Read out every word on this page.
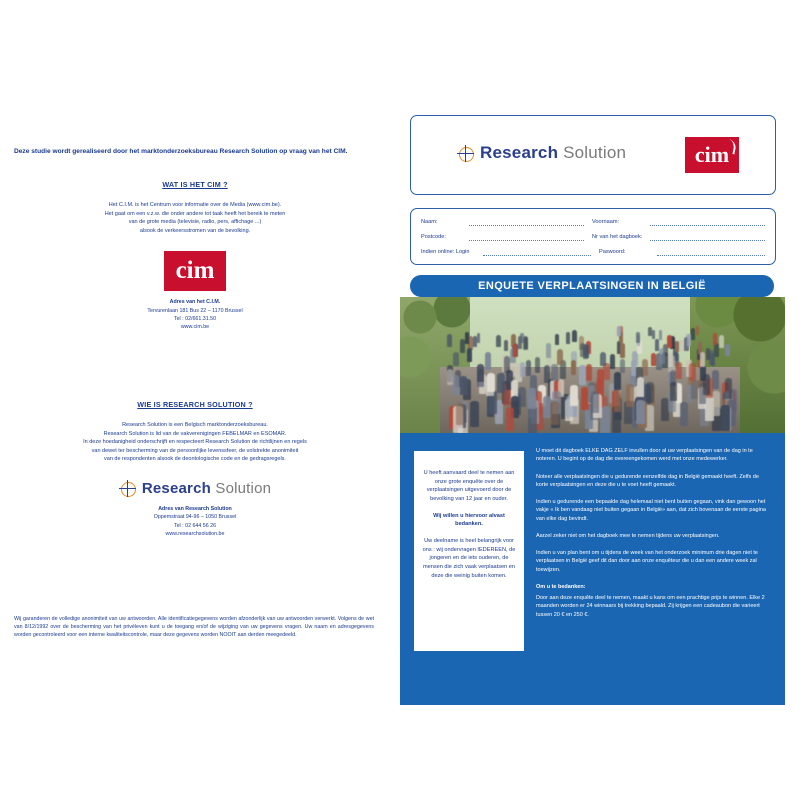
Deze studie wordt gerealiseerd door het marktonderzoeksbureau Research Solution op vraag van het CIM.
WAT IS HET CIM ?
Het C.I.M. is het Centrum voor informatie over de Media (www.cim.be).
Het gaat om een v.z.w. die onder andere tot taak heeft het bereik te meten
van de grote media (televisie, radio, pers, affichage ...)
alsook de verkeersstromen van de bevolking.
cim
Adres van het C.I.M.
Tervurenlaan 181 Bus 22 – 1170 Brussel
Tel : 02/661.31.50
www.cim.be
WIE IS RESEARCH SOLUTION ?
Research Solution is een Belgisch marktonderzoeksbureau.
Research Solution is lid van de vakverenigingen FEBELMAR en ESOMAR.
In deze hoedanigheid onderschrijft en respecteert Research Solution de richtlijnen en regels
van dewet ter bescherming van de persoonlijke levenssfeer, de volstrekte anonimiteit
van de respondenten alsook de deontologische code en de gedragsregels.
Research Solution
Adres van Research Solution
Oppemstraat 94-96 – 1050 Brussel
Tel : 02 644 56 26
www.researchsolution.be
Wij garanderen de volledige anonimiteit van uw antwoorden. Alle identificatiegegevens worden afzonderlijk van uw antwoorden verwerkt. Volgens de wet van 8/12/1992 over de bescherming van het privéleven kunt u de toegang en/of de wijziging van uw gegevens vragen. Uw naam en adresgegevens worden gecontroleerd voor een interne kwaliteitscontrole, maar deze gegevens worden NOOIT aan derden meegedeeld.
Research Solution	cim
Naam:	Voornaam:
Postcode:	Nr van het dagboek:
Indien online: Login	Paswoord:
ENQUETE VERPLAATSINGEN IN BELGIË
U heeft aanvaard deel te nemen aan onze grote enquête over de verplaatsingen uitgevoerd door de bevolking van 12 jaar en ouder.
Wij willen u hiervoor alvast bedanken.
Uw deelname is heel belangrijk voor ons : wij ondervragen IEDEREEN, de jongeren en de iets ouderen, de mensen die zich vaak verplaatsen en deze die weinig buiten komen.

U moet dit dagboek ELKE DAG ZELF invullen door al uw verplaatsingen van de dag in te noteren. U begint op de dag die overeengekomen werd met onze medewerker.

Noteer alle verplaatsingen die u gedurende eenzelfde dag in België gemaakt heeft. Zelfs de korte verplaatsingen en deze die u te voet heeft gemaakt.

Indien u gedurende een bepaalde dag helemaal niet bent buiten gegaan, vink dan gewoon het vakje « Ik ben vandaag niet buiten gegaan in België» aan, dat zich bovenaan de eerste pagina van elke dag bevindt.

Aarzel zeker niet om het dagboek mee te nemen tijdens uw verplaatsingen.

Indien u van plan bent om u tijdens de week van het onderzoek minimum drie dagen niet te verplaatsen in België geef dit dan door aan onze enquêteur die u dan een andere week zal toewijzen.

Om u te bedanken:

Door aan deze enquête deel te nemen, maakt u kans om een prachtige prijs te winnen. Elke 2 maanden worden er 24 winnaars bij trekking bepaald. Zij krijgen een cadeaubon die varieert tussen 20 € en 250 €.
